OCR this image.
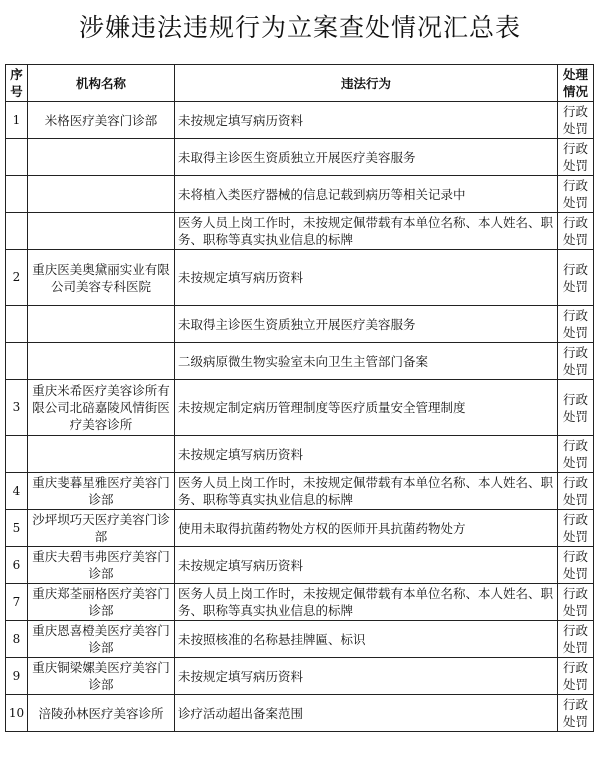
涉嫌违法违规行为立案查处情况汇总表
序号	机构名称	违法行为	处理情况
1	米格医疗美容门诊部	未按规定填写病历资料	行政处罚
		未取得主诊医生资质独立开展医疗美容服务	行政处罚
		未将植入类医疗器械的信息记载到病历等相关记录中	行政处罚
		医务人员上岗工作时，未按规定佩带载有本单位名称、本人姓名、职务、职称等真实执业信息的标牌	行政处罚
2	重庆医美奥黛丽实业有限公司美容专科医院	未按规定填写病历资料	行政处罚
		未取得主诊医生资质独立开展医疗美容服务	行政处罚
		二级病原微生物实验室未向卫生主管部门备案	行政处罚
3	重庆米希医疗美容诊所有限公司北碚嘉陵风情街医疗美容诊所	未按规定制定病历管理制度等医疗质量安全管理制度	行政处罚
		未按规定填写病历资料	行政处罚
4	重庆斐暮星雅医疗美容门诊部	医务人员上岗工作时，未按规定佩带载有本单位名称、本人姓名、职务、职称等真实执业信息的标牌	行政处罚
5	沙坪坝巧天医疗美容门诊部	使用未取得抗菌药物处方权的医师开具抗菌药物处方	行政处罚
6	重庆夫碧韦弗医疗美容门诊部	未按规定填写病历资料	行政处罚
7	重庆郑荃丽格医疗美容门诊部	医务人员上岗工作时，未按规定佩带载有本单位名称、本人姓名、职务、职称等真实执业信息的标牌	行政处罚
8	重庆恩喜橙美医疗美容门诊部	未按照核准的名称悬挂牌匾、标识	行政处罚
9	重庆铜梁嫘美医疗美容门诊部	未按规定填写病历资料	行政处罚
10	涪陵孙林医疗美容诊所	诊疗活动超出备案范围	行政处罚
